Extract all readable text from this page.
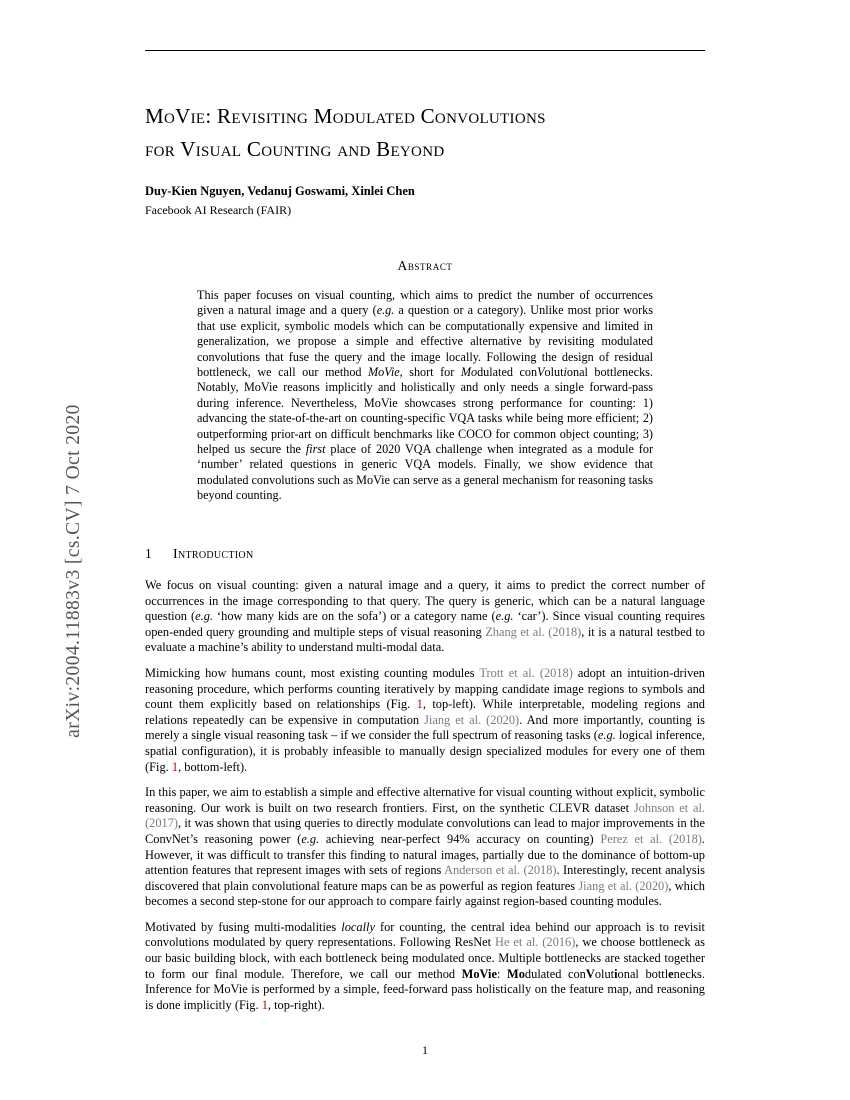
arXiv:2004.11883v3 [cs.CV] 7 Oct 2020
MoVie: Revisiting Modulated Convolutions
for Visual Counting and Beyond
Duy-Kien Nguyen, Vedanuj Goswami, Xinlei Chen
Facebook AI Research (FAIR)
Abstract

This paper focuses on visual counting, which aims to predict the number of occurrences given a natural image and a query (e.g. a question or a category). Unlike most prior works that use explicit, symbolic models which can be computationally expensive and limited in generalization, we propose a simple and effective alternative by revisiting modulated convolutions that fuse the query and the image locally. Following the design of residual bottleneck, we call our method MoVie, short for Modulated conVolutional bottlenecks. Notably, MoVie reasons implicitly and holistically and only needs a single forward-pass during inference. Nevertheless, MoVie showcases strong performance for counting: 1) advancing the state-of-the-art on counting-specific VQA tasks while being more efficient; 2) outperforming prior-art on difficult benchmarks like COCO for common object counting; 3) helped us secure the first place of 2020 VQA challenge when integrated as a module for ‘number’ related questions in generic VQA models. Finally, we show evidence that modulated convolutions such as MoVie can serve as a general mechanism for reasoning tasks beyond counting.

1 Introduction

We focus on visual counting: given a natural image and a query, it aims to predict the correct number of occurrences in the image corresponding to that query. The query is generic, which can be a natural language question (e.g. ‘how many kids are on the sofa’) or a category name (e.g. ‘car’). Since visual counting requires open-ended query grounding and multiple steps of visual reasoning Zhang et al. (2018), it is a natural testbed to evaluate a machine’s ability to understand multi-modal data.

Mimicking how humans count, most existing counting modules Trott et al. (2018) adopt an intuition-driven reasoning procedure, which performs counting iteratively by mapping candidate image regions to symbols and count them explicitly based on relationships (Fig. 1, top-left). While interpretable, modeling regions and relations repeatedly can be expensive in computation Jiang et al. (2020). And more importantly, counting is merely a single visual reasoning task – if we consider the full spectrum of reasoning tasks (e.g. logical inference, spatial configuration), it is probably infeasible to manually design specialized modules for every one of them (Fig. 1, bottom-left).

In this paper, we aim to establish a simple and effective alternative for visual counting without explicit, symbolic reasoning. Our work is built on two research frontiers. First, on the synthetic CLEVR dataset Johnson et al. (2017), it was shown that using queries to directly modulate convolutions can lead to major improvements in the ConvNet’s reasoning power (e.g. achieving near-perfect 94% accuracy on counting) Perez et al. (2018). However, it was difficult to transfer this finding to natural images, partially due to the dominance of bottom-up attention features that represent images with sets of regions Anderson et al. (2018). Interestingly, recent analysis discovered that plain convolutional feature maps can be as powerful as region features Jiang et al. (2020), which becomes a second step-stone for our approach to compare fairly against region-based counting modules.

Motivated by fusing multi-modalities locally for counting, the central idea behind our approach is to revisit convolutions modulated by query representations. Following ResNet He et al. (2016), we choose bottleneck as our basic building block, with each bottleneck being modulated once. Multiple bottlenecks are stacked together to form our final module. Therefore, we call our method MoVie: Modulated conVolutional bottlenecks. Inference for MoVie is performed by a simple, feed-forward pass holistically on the feature map, and reasoning is done implicitly (Fig. 1, top-right).

1
